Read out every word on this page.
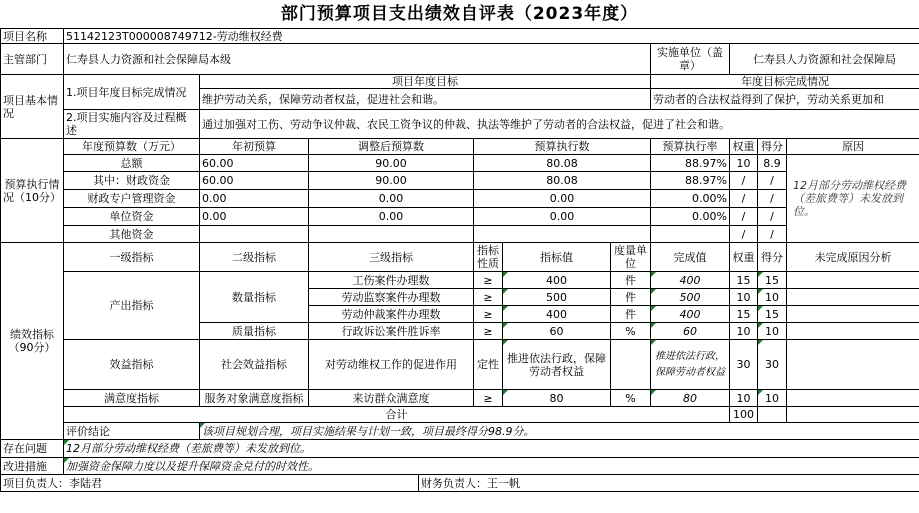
部门预算项目支出绩效自评表（2023年度）
项目名称	51142123T000008749712-劳动维权经费										
主管部门	仁寿县人力资源和社会保障局本级							实施单位（盖章）	仁寿县人力资源和社会保障局		
项目基本情况	1.项目年度目标完成情况	项目年度目标						年度目标完成情况			
		维护劳动关系，保障劳动者权益，促进社会和谐。						劳动者的合法权益得到了保护，劳动关系更加和			
	2.项目实施内容及过程概述	通过加强对工伤、劳动争议仲裁、农民工资争议的仲裁、执法等维护了劳动者的合法权益，促进了社会和谐。									
预算执行情况（10分）	年度预算数（万元）	年初预算	调整后预算数		预算执行数			预算执行率	权重	得分	原因
	总额	60.00	90.00		80.08			88.97%	10	8.9	12月部分劳动维权经费（差旅费等）未发放到位。
	其中：财政资金	60.00	90.00		80.08			88.97%	/	/	
	财政专户管理资金	0.00	0.00		0.00			0.00%	/	/	
	单位资金	0.00	0.00		0.00			0.00%	/	/	
	其他资金								/	/	
绩效指标（90分）	一级指标	二级指标	三级指标		指标性质	指标值	度量单位	完成值	权重	得分	未完成原因分析
	产出指标	数量指标	工伤案件办理数		≥	400	件	400	15	15	
			劳动监察案件办理数		≥	500	件	500	10	10	
			劳动仲裁案件办理数		≥	400	件	400	15	15	
		质量指标	行政诉讼案件胜诉率		≥	60	%	60	10	10	
	效益指标	社会效益指标	对劳动维权工作的促进作用		定性	推进依法行政，保障劳动者权益		推进依法行政，保障劳动者权益	30	30	
	满意度指标	服务对象满意度指标	来访群众满意度		≥	80	%	80	10	10	
	合计								100		
	评价结论	该项目规划合理，项目实施结果与计划一致，项目最终得分98.9分。									
存在问题	12月部分劳动维权经费（差旅费等）未发放到位。										
改进措施	加强资金保障力度以及提升保障资金兑付的时效性。										
项目负责人：李陆君				财务负责人：王一帆							
